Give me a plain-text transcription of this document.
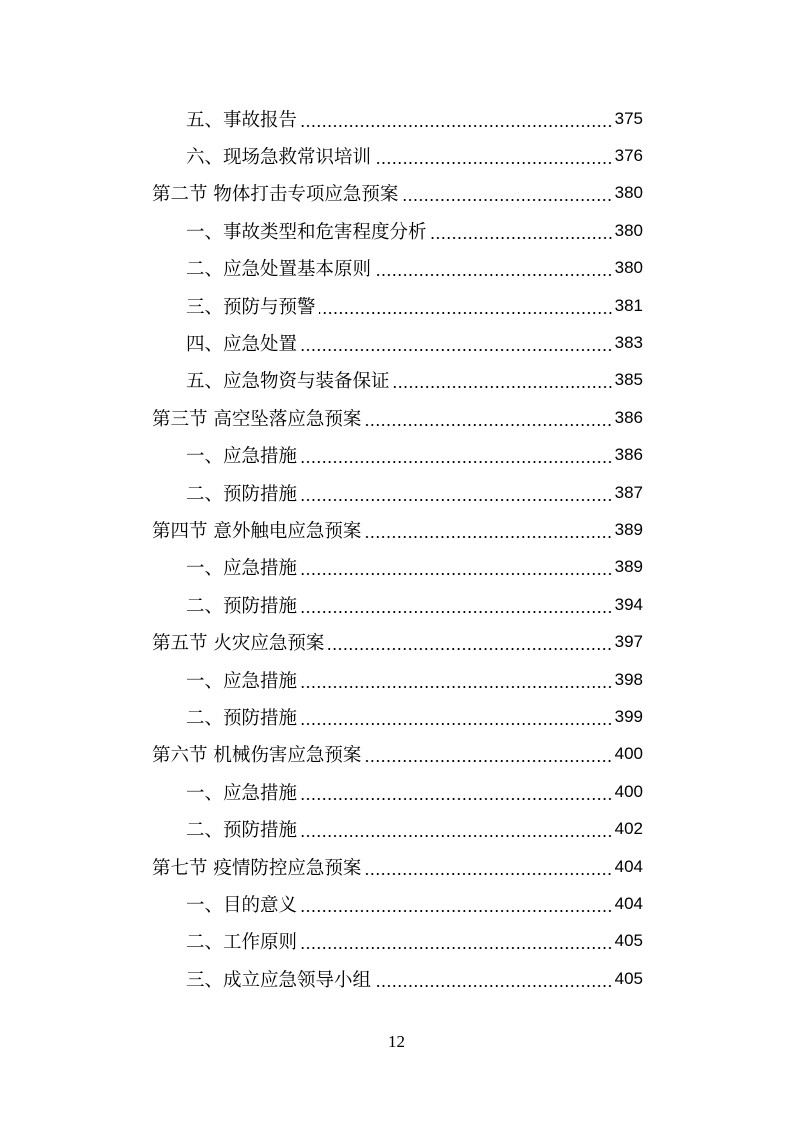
五、事故报告	375
六、现场急救常识培训	376
第二节 物体打击专项应急预案	380
一、事故类型和危害程度分析	380
二、应急处置基本原则	380
三、预防与预警	381
四、应急处置	383
五、应急物资与装备保证	385
第三节 高空坠落应急预案	386
一、应急措施	386
二、预防措施	387
第四节 意外触电应急预案	389
一、应急措施	389
二、预防措施	394
第五节 火灾应急预案	397
一、应急措施	398
二、预防措施	399
第六节 机械伤害应急预案	400
一、应急措施	400
二、预防措施	402
第七节 疫情防控应急预案	404
一、目的意义	404
二、工作原则	405
三、成立应急领导小组	405
12
